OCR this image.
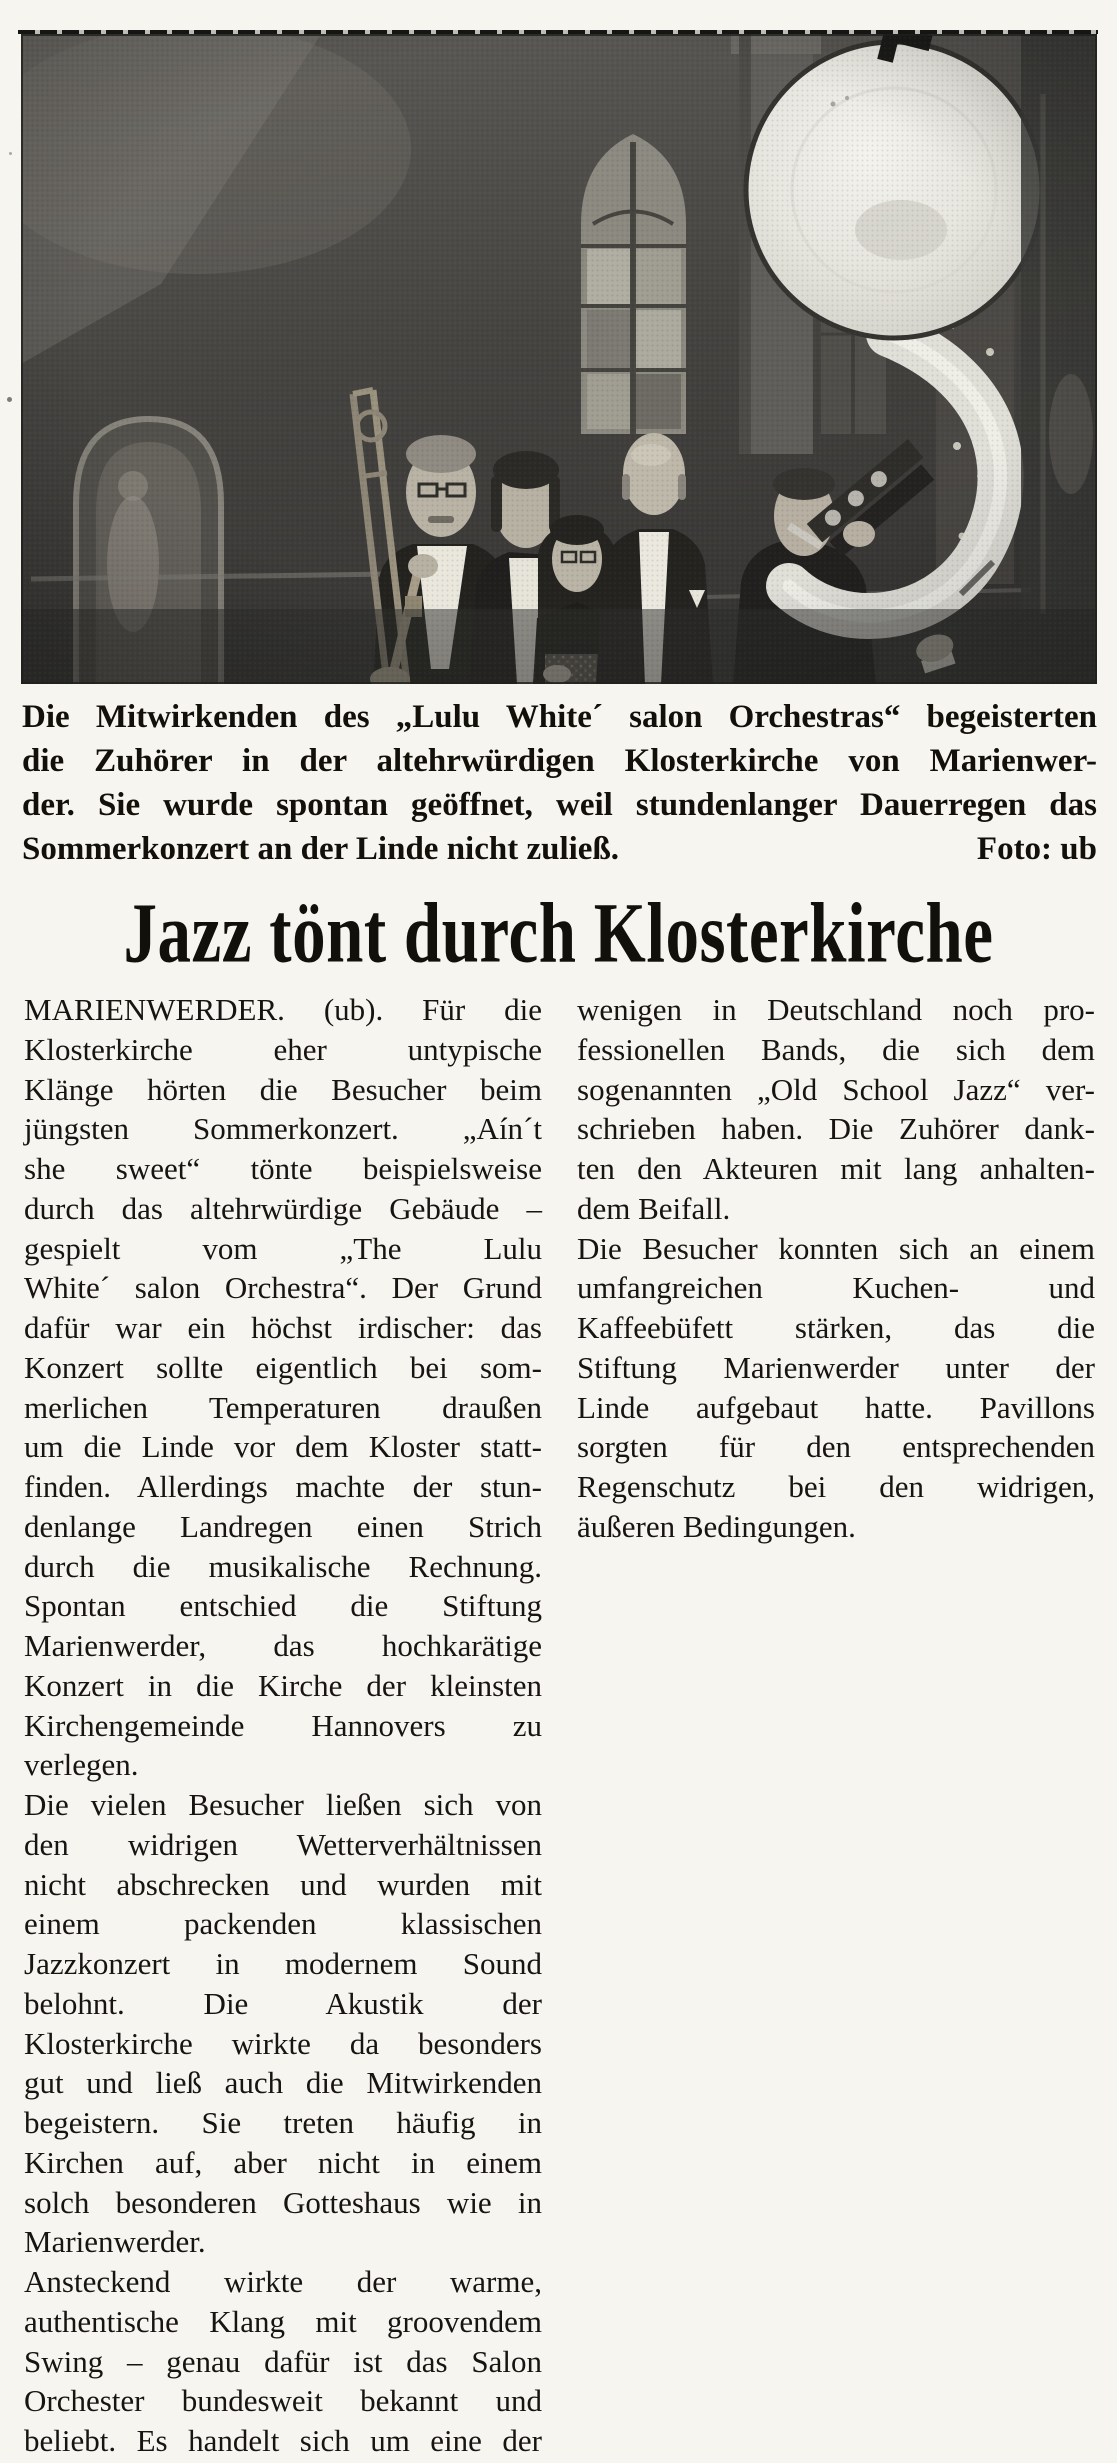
Die Mitwirkenden des „Lulu White´ salon Orchestras“ begeisterten
die Zuhörer in der altehrwürdigen Klosterkirche von Marienwer-
der. Sie wurde spontan geöffnet, weil stundenlanger Dauerregen das
Sommerkonzert an der Linde nicht zuließ.	Foto: ub
Jazz tönt durch Klosterkirche
MARIENWERDER. (ub). Für die
Klosterkirche eher untypische
Klänge hörten die Besucher beim
jüngsten Sommerkonzert. „Aín´t
she sweet“ tönte beispielsweise
durch das altehrwürdige Gebäude –
gespielt vom „The Lulu
White´ salon Orchestra“. Der Grund
dafür war ein höchst irdischer: das
Konzert sollte eigentlich bei som-
merlichen Temperaturen draußen
um die Linde vor dem Kloster statt-
finden. Allerdings machte der stun-
denlange Landregen einen Strich
durch die musikalische Rechnung.
Spontan entschied die Stiftung
Marienwerder, das hochkarätige
Konzert in die Kirche der kleinsten
Kirchengemeinde Hannovers zu
verlegen.
Die vielen Besucher ließen sich von
den widrigen Wetterverhältnissen
nicht abschrecken und wurden mit
einem packenden klassischen
Jazzkonzert in modernem Sound
belohnt. Die Akustik der
Klosterkirche wirkte da besonders
gut und ließ auch die Mitwirkenden
begeistern. Sie treten häufig in
Kirchen auf, aber nicht in einem
solch besonderen Gotteshaus wie in
Marienwerder.
Ansteckend wirkte der warme,
authentische Klang mit groovendem
Swing – genau dafür ist das Salon
Orchester bundesweit bekannt und
beliebt. Es handelt sich um eine der
wenigen in Deutschland noch pro-
fessionellen Bands, die sich dem
sogenannten „Old School Jazz“ ver-
schrieben haben. Die Zuhörer dank-
ten den Akteuren mit lang anhalten-
dem Beifall.
Die Besucher konnten sich an einem
umfangreichen Kuchen- und
Kaffeebüfett stärken, das die
Stiftung Marienwerder unter der
Linde aufgebaut hatte. Pavillons
sorgten für den entsprechenden
Regenschutz bei den widrigen,
äußeren Bedingungen.
